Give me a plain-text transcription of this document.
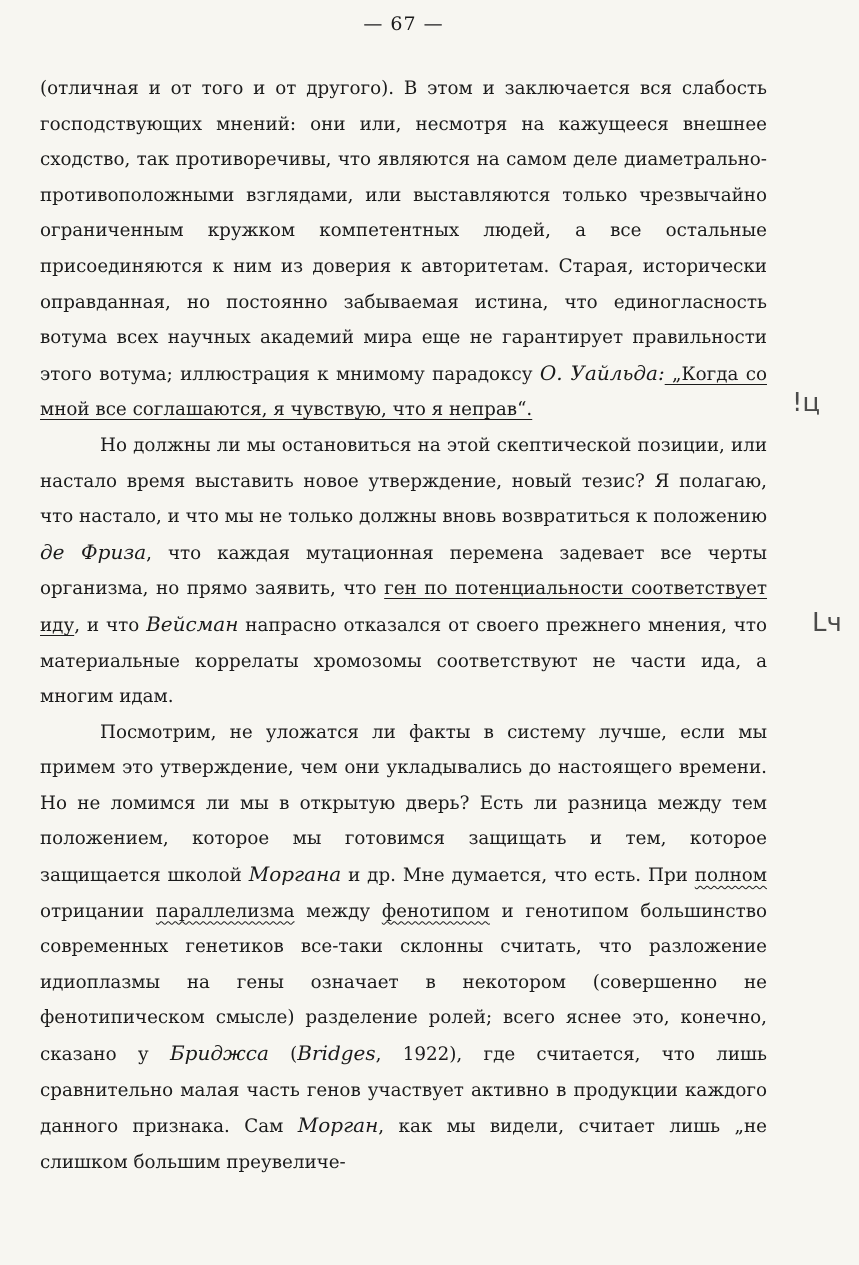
— 67 —

(отличная и от того и от другого). В этом и заключается вся слабость господствующих мнений: они или, несмотря на кажущееся внешнее сходство, так противоречивы, что являются на самом деле диаметрально-противоположными взглядами, или выставляются только чрезвычайно ограниченным кружком компетентных людей, а все остальные присоединяются к ним из доверия к авторитетам. Старая, исторически оправданная, но постоянно забываемая истина, что единогласность вотума всех научных академий мира еще не гарантирует правильности этого вотума; иллюстрация к мнимому парадоксу О. Уайльда: „Когда со мной все соглашаются, я чувствую, что я неправ“.

Но должны ли мы остановиться на этой скептической позиции, или настало время выставить новое утверждение, новый тезис? Я полагаю, что настало, и что мы не только должны вновь возвратиться к положению де Фриза, что каждая мутационная перемена задевает все черты организма, но прямо заявить, что ген по потенциальности соответствует иду, и что Вейсман напрасно отказался от своего прежнего мнения, что материальные коррелаты хромозомы соответствуют не части ида, а многим идам.

Посмотрим, не уложатся ли факты в систему лучше, если мы примем это утверждение, чем они укладывались до настоящего времени. Но не ломимся ли мы в открытую дверь? Есть ли разница между тем положением, которое мы готовимся защищать и тем, которое защищается школой Моргана и др. Мне думается, что есть. При полном отрицании параллелизма между фенотипом и генотипом большинство современных генетиков все-таки склонны считать, что разложение идиоплазмы на гены означает в некотором (совершенно не фенотипическом смысле) разделение ролей; всего яснее это, конечно, сказано у Бриджса (Bridges, 1922), где считается, что лишь сравнительно малая часть генов участвует активно в продукции каждого данного признака. Сам Морган, как мы видели, считает лишь „не слишком большим преувеличе-

!ц
Lч
